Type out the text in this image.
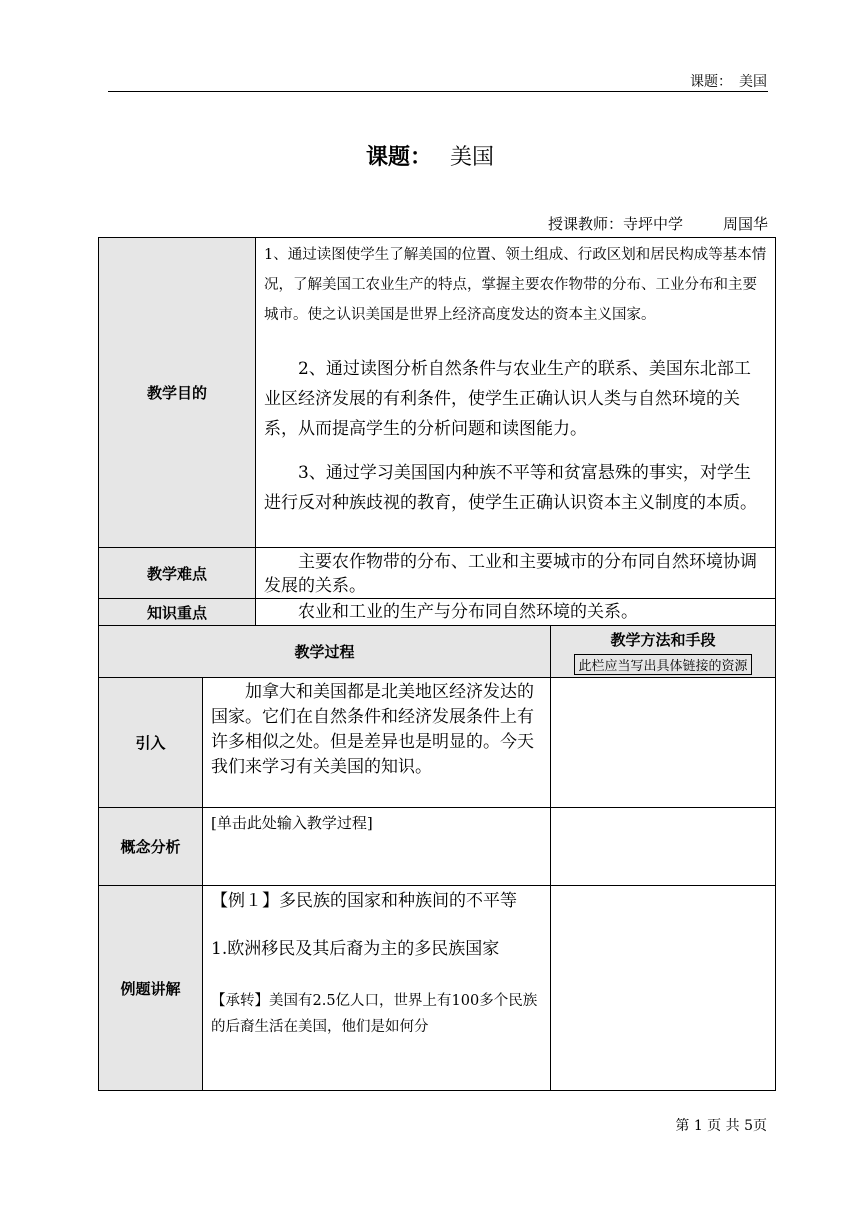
课题：　美国
课题： 美国
授课教师：寺坪中学	周国华
教学目的

1、通过读图使学生了解美国的位置、领土组成、行政区划和居民构成等基本情况，了解美国工农业生产的特点，掌握主要农作物带的分布、工业分布和主要城市。使之认识美国是世界上经济高度发达的资本主义国家。

2、通过读图分析自然条件与农业生产的联系、美国东北部工业区经济发展的有利条件，使学生正确认识人类与自然环境的关系，从而提高学生的分析问题和读图能力。

3、通过学习美国国内种族不平等和贫富悬殊的事实，对学生进行反对种族歧视的教育，使学生正确认识资本主义制度的本质。

教学难点

主要农作物带的分布、工业和主要城市的分布同自然环境协调发展的关系。

知识重点	农业和工业的生产与分布同自然环境的关系。

教学过程
教学方法和手段
此栏应当写出具体链接的资源
引入

加拿大和美国都是北美地区经济发达的国家。它们在自然条件和经济发展条件上有许多相似之处。但是差异也是明显的。今天我们来学习有关美国的知识。

概念分析
[单击此处输入教学过程]
例题讲解

【例１】多民族的国家和种族间的不平等

1.欧洲移民及其后裔为主的多民族国家

【承转】美国有2.5亿人口，世界上有100多个民族的后裔生活在美国，他们是如何分

第 1 页 共 5页
